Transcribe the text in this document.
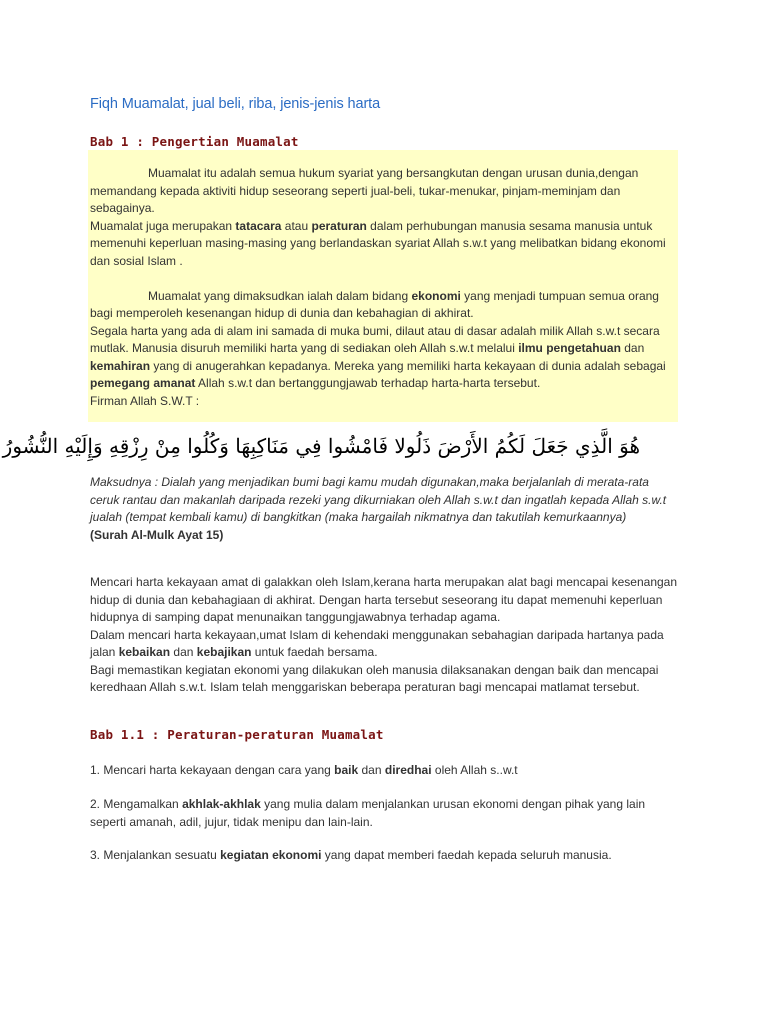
Fiqh Muamalat, jual beli, riba, jenis-jenis harta
Bab 1 : Pengertian Muamalat

Muamalat itu adalah semua hukum syariat yang bersangkutan dengan urusan dunia,dengan memandang kepada aktiviti hidup seseorang seperti jual-beli, tukar-menukar, pinjam-meminjam dan sebagainya.

Muamalat juga merupakan tatacara atau peraturan dalam perhubungan manusia sesama manusia untuk memenuhi keperluan masing-masing yang berlandaskan syariat Allah s.w.t yang melibatkan bidang ekonomi dan sosial Islam .

Muamalat yang dimaksudkan ialah dalam bidang ekonomi yang menjadi tumpuan semua orang bagi memperoleh kesenangan hidup di dunia dan kebahagian di akhirat.

Segala harta yang ada di alam ini samada di muka bumi, dilaut atau di dasar adalah milik Allah s.w.t secara mutlak. Manusia disuruh memiliki harta yang di sediakan oleh Allah s.w.t melalui ilmu pengetahuan dan kemahiran yang di anugerahkan kepadanya. Mereka yang memiliki harta kekayaan di dunia adalah sebagai pemegang amanat Allah s.w.t dan bertanggungjawab terhadap harta-harta tersebut.

Firman Allah S.W.T :

هُوَ الَّذِي جَعَلَ لَكُمُ الأَرْضَ ذَلُولا فَامْشُوا فِي مَنَاكِبِهَا وَكُلُوا مِنْ رِزْقِهِ وَإِلَيْهِ النُّشُورُ

Maksudnya : Dialah yang menjadikan bumi bagi kamu mudah digunakan,maka berjalanlah di merata-rata ceruk rantau dan makanlah daripada rezeki yang dikurniakan oleh Allah s.w.t dan ingatlah kepada Allah s.w.t jualah (tempat kembali kamu) di bangkitkan (maka hargailah nikmatnya dan takutilah kemurkaannya)

(Surah Al-Mulk Ayat 15)

Mencari harta kekayaan amat di galakkan oleh Islam,kerana harta merupakan alat bagi mencapai kesenangan hidup di dunia dan kebahagiaan di akhirat. Dengan harta tersebut seseorang itu dapat memenuhi keperluan hidupnya di samping dapat menunaikan tanggungjawabnya terhadap agama.

Dalam mencari harta kekayaan,umat Islam di kehendaki menggunakan sebahagian daripada hartanya pada jalan kebaikan dan kebajikan untuk faedah bersama.

Bagi memastikan kegiatan ekonomi yang dilakukan oleh manusia dilaksanakan dengan baik dan mencapai keredhaan Allah s.w.t. Islam telah menggariskan beberapa peraturan bagi mencapai matlamat tersebut.

Bab 1.1 : Peraturan-peraturan Muamalat

1. Mencari harta kekayaan dengan cara yang baik dan diredhai oleh Allah s..w.t

2. Mengamalkan akhlak-akhlak yang mulia dalam menjalankan urusan ekonomi dengan pihak yang lain seperti amanah, adil, jujur, tidak menipu dan lain-lain.

3. Menjalankan sesuatu kegiatan ekonomi yang dapat memberi faedah kepada seluruh manusia.
